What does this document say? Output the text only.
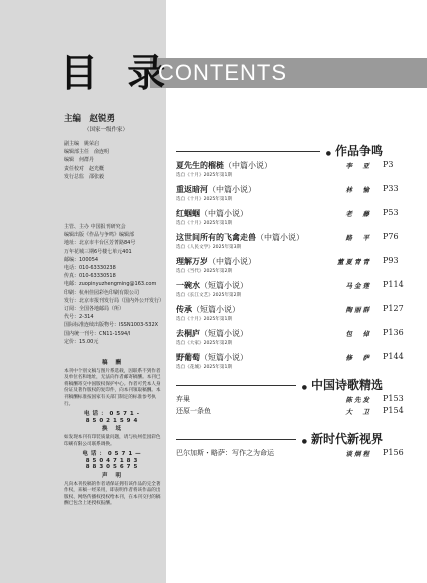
目 录
CONTENTS
主编　赵锐勇
（国家一级作家）
副主编　姚荣启
编辑部主任　俞连明
编辑　何群丹
责任校对　赵光概
发行总监　邵张毅
主管、主办 中国报刊研究会
编辑出版《作品与争鸣》编辑部
地址：北京市丰台区芳菁路84号
万年花城三期6号楼七单元401
邮编：100054
电话：010-63330238
传真：010-63330518
电邮：zuopinyuzhengming@163.com
印刷：杭州佳园彩色印刷有限公司
发行：北京市报刊发行局（国内外公开发行）
订阅：全国各地邮局（所）
代号：2-314
国际标准连续出版物号：ISSN1003-532X
国内统一刊号：CN11-1594/I
定价：15.00元
稿 酬
本刊中个别文稿与图片系选载，因联系不到作者及单位名和地址，无法向作者邮寄稿酬。本刊已将稿酬寄交中国版权保护中心。作者可凭本人身份证及著作版权的复印件，向本刊领取稿酬。本刊稿酬标准按国家有关部门制定的标准参考执行。
电话：0571-85021594
换 坻
如发现本刊有印装质量问题，请与杭州佳园彩色印刷有限公司联系调换。
电话：0571—85047183 88305675
声 明
凡向本刊投稿的作者请保证拥有该作品的完全著作权，来稿一经采用，即表明作者将该作品的出版权、网络传播权授权给本刊，在本刊交付的稿酬已包含上述授权报酬。
● 作品争鸣
夏先生的榴梿（中篇小说）
选自《十月》2025年第1期
李　亚 P3
重返暗河（中篇小说）
选自《十月》2025年第1期
林　愉 P33
红蝈蝈（中篇小说）
选自《十月》2025年第1期
老　藤 P53
这世间所有的飞禽走兽（中篇小说）
选自《人民文学》2025年第3期
路　平 P76
理解万岁（中篇小说）
选自《当代》2025年第2期
董夏青青 P93
一碗水（短篇小说）
选自《长江文艺》2025年第2期
马金莲 P114
传承（短篇小说）
选自《十月》2025年第1期
陶丽群 P127
去桐庐（短篇小说）
选自《大家》2025年第2期
包　倬 P136
野葡萄（短篇小说）
选自《花城》2025年第1期
修　萨 P144
● 中国诗歌精选
弃巢	陈先发 P153
还原一条鱼	大　卫 P154
● 新时代新视界
巴尔加斯・略萨：写作之为命运	谈炯程 P156
